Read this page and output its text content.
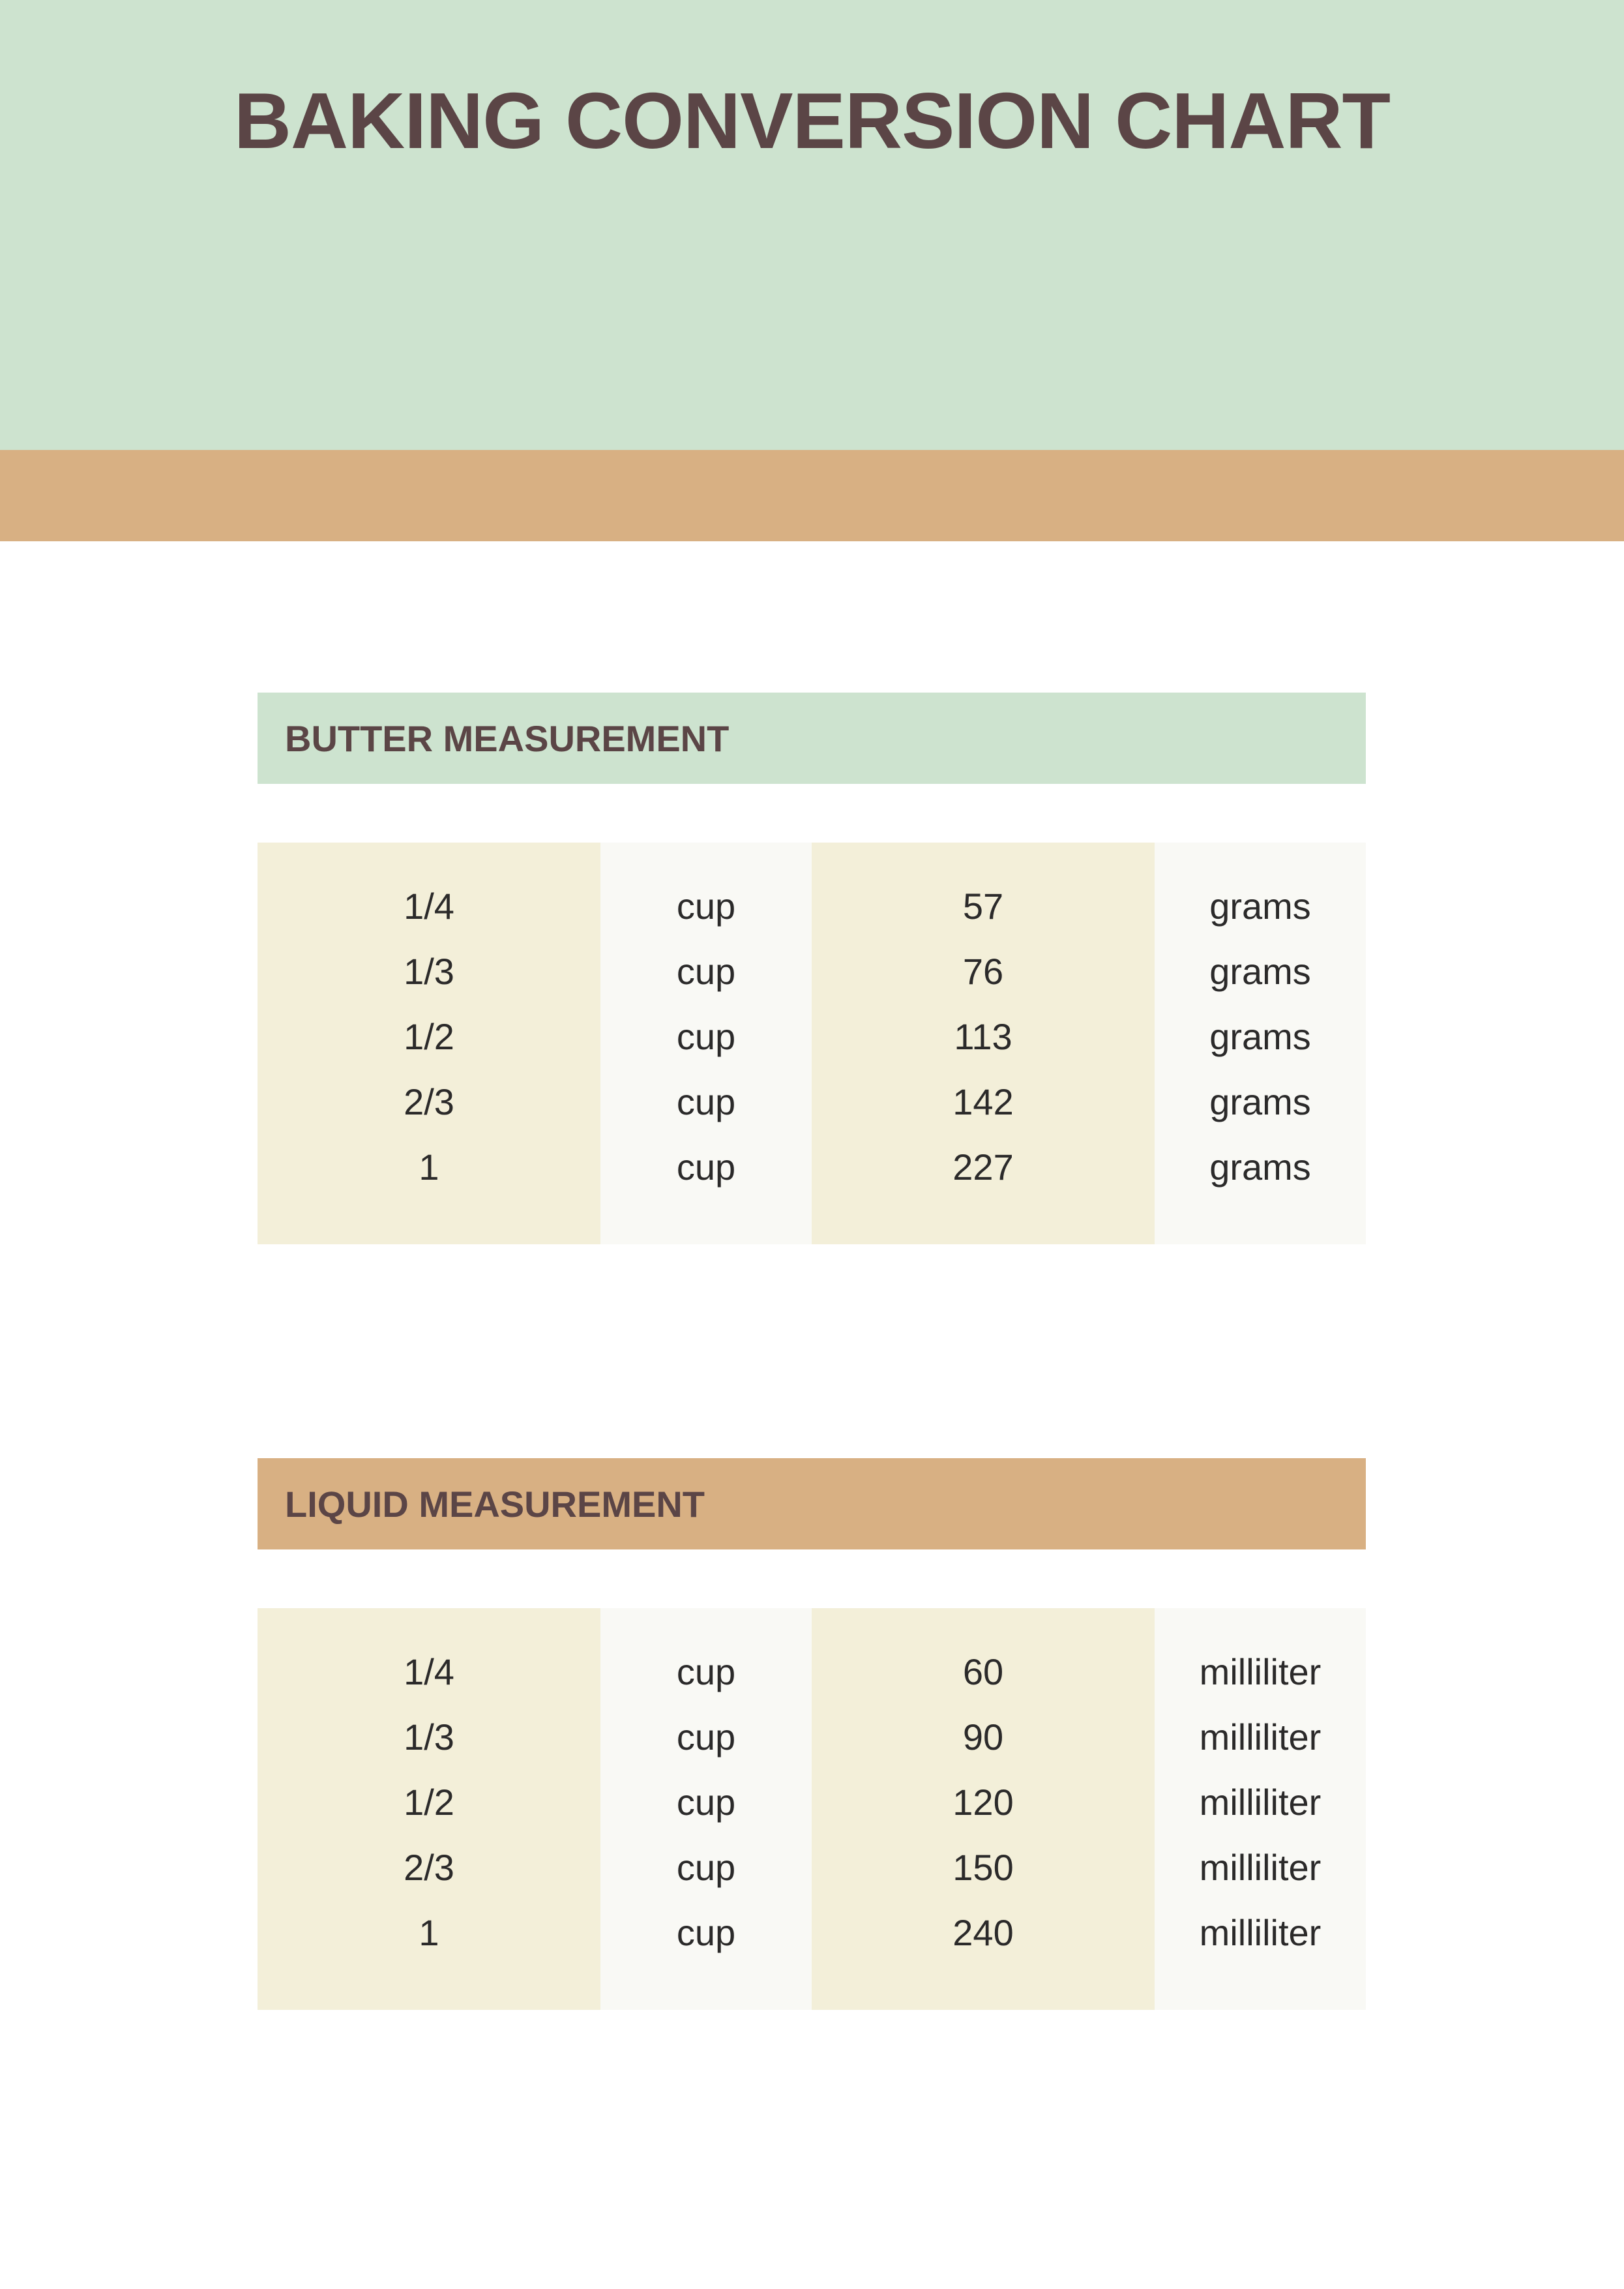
BAKING CONVERSION CHART
BUTTER MEASUREMENT
1/4
1/3
1/2
2/3
1
cup
cup
cup
cup
cup
57
76
113
142
227
grams
grams
grams
grams
grams
LIQUID MEASUREMENT
1/4
1/3
1/2
2/3
1
cup
cup
cup
cup
cup
60
90
120
150
240
milliliter
milliliter
milliliter
milliliter
milliliter
